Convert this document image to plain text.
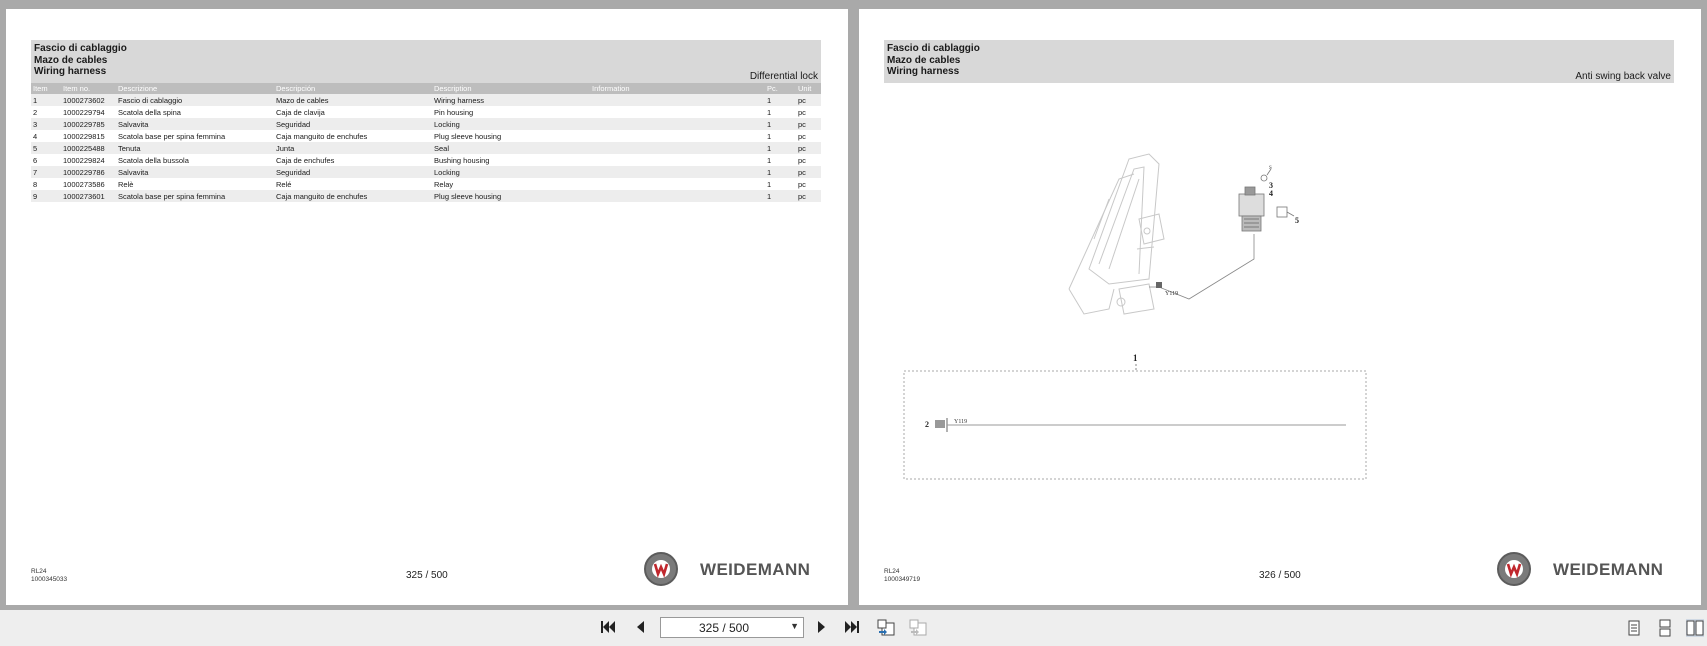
Fascio di cablaggio
Mazo de cables
Wiring harness	Differential lock
Item	Item no.	Descrizione	Descripción	Description	Information	Pc.	Unit
1	1000273602	Fascio di cablaggio	Mazo de cables	Wiring harness		1	pc
2	1000229794	Scatola della spina	Caja de clavija	Pin housing		1	pc
3	1000229785	Salvavita	Seguridad	Locking		1	pc
4	1000229815	Scatola base per spina femmina	Caja manguito de enchufes	Plug sleeve housing		1	pc
5	1000225488	Tenuta	Junta	Seal		1	pc
6	1000229824	Scatola della bussola	Caja de enchufes	Bushing housing		1	pc
7	1000229786	Salvavita	Seguridad	Locking		1	pc
8	1000273586	Relè	Relé	Relay		1	pc
9	1000273601	Scatola base per spina femmina	Caja manguito de enchufes	Plug sleeve housing		1	pc
RL24
1000345033	325 / 500	WEIDEMANN
Fascio di cablaggio
Mazo de cables
Wiring harness	Anti swing back valve
Y119
S
3
4
5
1
2	Y119
RL24
1000349719	326 / 500	WEIDEMANN
325 / 500	▼
